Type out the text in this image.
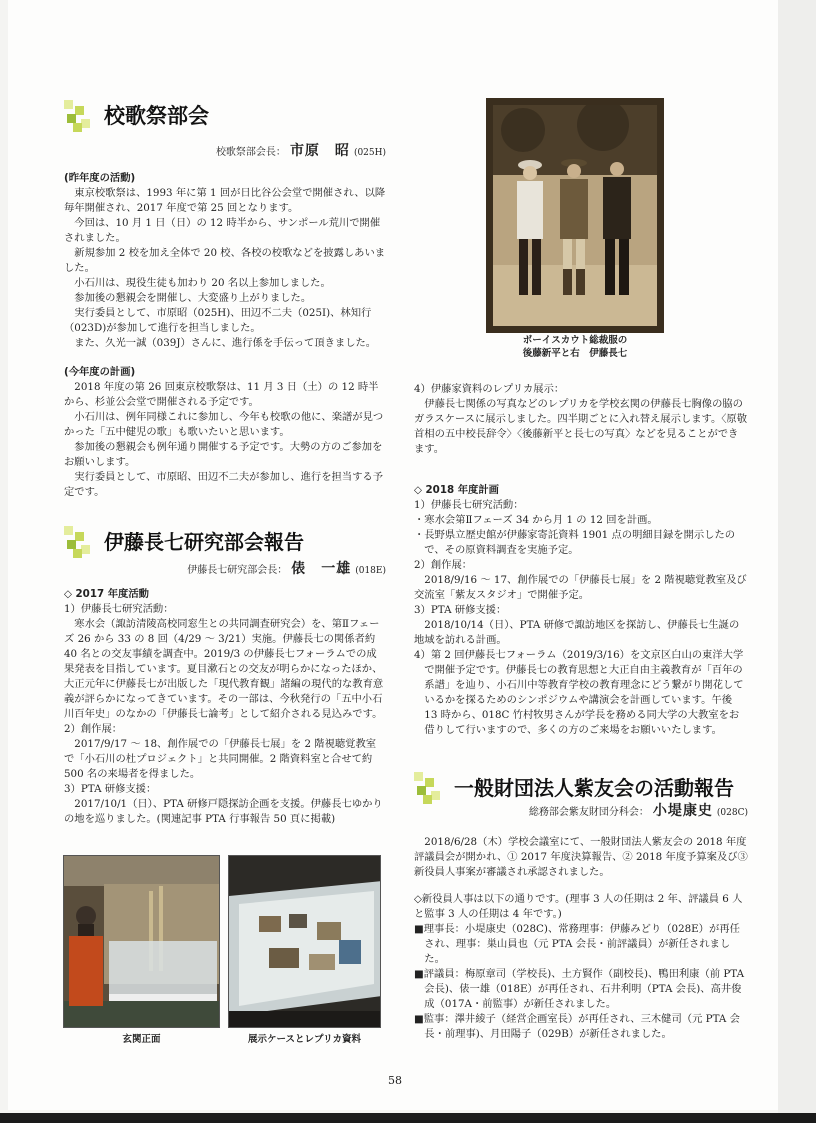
校歌祭部会
校歌祭部会長： 市原　昭 (025H)
(昨年度の活動)

東京校歌祭は、1993 年に第 1 回が日比谷公会堂で開催され、以降毎年開催され、2017 年度で第 25 回となります。

今回は、10 月 1 日（日）の 12 時半から、サンポール荒川で開催されました。

新規参加 2 校を加え全体で 20 校、各校の校歌などを披露しあいました。

小石川は、現役生徒も加わり 20 名以上参加しました。

参加後の懇親会を開催し、大変盛り上がりました。

実行委員として、市原昭（025H)、田辺不二夫（025I)、林知行（023D)が参加して進行を担当しました。

また、久光一誠（039J）さんに、進行係を手伝って頂きました。

(今年度の計画)

2018 年度の第 26 回東京校歌祭は、11 月 3 日（土）の 12 時半から、杉並公会堂で開催される予定です。

小石川は、例年同様これに参加し、今年も校歌の他に、楽譜が見つかった「五中健児の歌」も歌いたいと思います。

参加後の懇親会も例年通り開催する予定です。大勢の方のご参加をお願いします。

実行委員として、市原昭、田辺不二夫が参加し、進行を担当する予定です。

伊藤長七研究部会報告
伊藤長七研究部会長： 俵　一雄 (018E)
◇ 2017 年度活動

1）伊藤長七研究活動：

寒水会（諏訪清陵高校同窓生との共同調査研究会）を、第Ⅱフェーズ 26 から 33 の 8 回（4/29 ～ 3/21）実施。伊藤長七の関係者約 40 名との交友事績を調査中。2019/3 の伊藤長七フォーラムでの成果発表を目指しています。夏目漱石との交友が明らかになったほか、大正元年に伊藤長七が出版した「現代教育観」諸編の現代的な教育意義が評らかになってきています。その一部は、今秋発行の「五中小石川百年史」のなかの「伊藤長七論考」として紹介される見込みです。

2）創作展：

2017/9/17 ～ 18、創作展での「伊藤長七展」を 2 階視聴覚教室で「小石川の杜プロジェクト」と共同開催。2 階資料室と合せて約 500 名の来場者を得ました。

3）PTA 研修支援：

2017/10/1（日）、PTA 研修戸隠探訪企画を支援。伊藤長七ゆかりの地を巡りました。(関連記事 PTA 行事報告 50 頁に掲載)

玄関正面	展示ケースとレプリカ資料
ボーイスカウト総裁服の
後藤新平と右　伊藤長七

4）伊藤家資料のレプリカ展示：

伊藤長七関係の写真などのレプリカを学校玄関の伊藤長七胸像の脇のガラスケースに展示しました。四半期ごとに入れ替え展示します。〈原敬首相の五中校長辞令〉〈後藤新平と長七の写真〉などを見ることができます。

◇ 2018 年度計画

1）伊藤長七研究活動：

・寒水会第Ⅱフェーズ 34 から月 1 の 12 回を計画。

・長野県立歴史館が伊藤家寄託資料 1901 点の明細目録を開示したので、その原資料調査を実施予定。

2）創作展：

2018/9/16 ～ 17、創作展での「伊藤長七展」を 2 階視聴覚教室及び交流室「紫友スタジオ」で開催予定。

3）PTA 研修支援：

2018/10/14（日）、PTA 研修で諏訪地区を探訪し、伊藤長七生誕の地域を訪れる計画。

4）第 2 回伊藤長七フォーラム（2019/3/16）を文京区白山の東洋大学で開催予定です。伊藤長七の教育思想と大正自由主義教育が「百年の系譜」を辿り、小石川中等教育学校の教育理念にどう繋がり開花しているかを探るためのシンポジウムや講演会を計画しています。午後 13 時から、018C 竹村牧男さんが学長を務める同大学の大教室をお借りして行いますので、多くの方のご来場をお願いいたします。

一般財団法人紫友会の活動報告
総務部会紫友財団分科会： 小堤康史 (028C)

2018/6/28（木）学校会議室にて、一般財団法人紫友会の 2018 年度評議員会が開かれ、① 2017 年度決算報告、② 2018 年度予算案及び③新役員人事案が審議され承認されました。

◇新役員人事は以下の通りです。(理事 3 人の任期は 2 年、評議員 6 人と監事 3 人の任期は 4 年です。)

■理事長：小堤康史（028C)、常務理事：伊藤みどり（028E）が再任され、理事：巣山員也（元 PTA 会長・前評議員）が新任されました。

■評議員：梅原章司（学校長)、土方賢作（副校長)、鴨田利康（前 PTA 会長)、俵一雄（018E）が再任され、石井利明（PTA 会長)、高井俊成（017A・前監事）が新任されました。

■監事：澤井綾子（経営企画室長）が再任され、三木健司（元 PTA 会長・前理事)、月田陽子（029B）が新任されました。

58
